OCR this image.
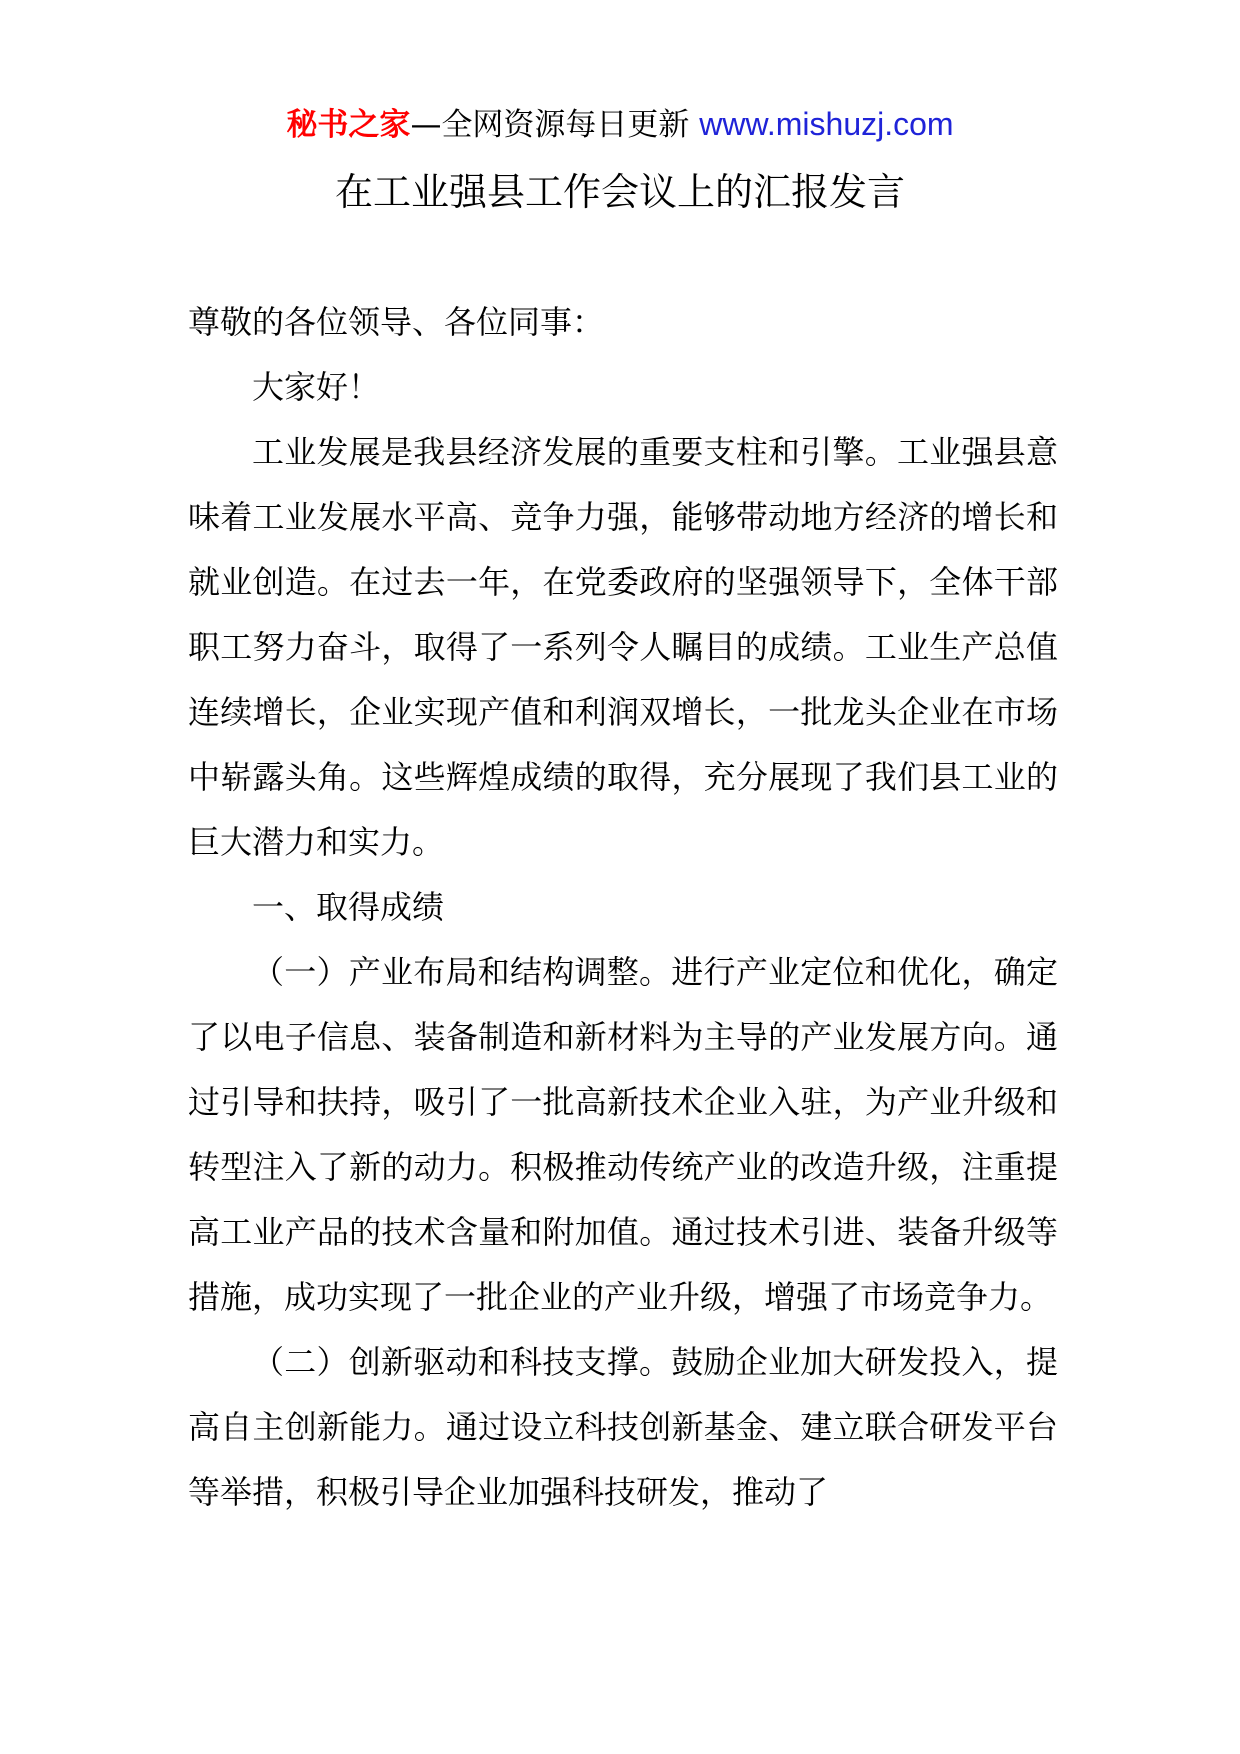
秘书之家—全网资源每日更新 www.mishuzj.com
在工业强县工作会议上的汇报发言

尊敬的各位领导、各位同事：

大家好！

工业发展是我县经济发展的重要支柱和引擎。工业强县意味着工业发展水平高、竞争力强，能够带动地方经济的增长和就业创造。在过去一年，在党委政府的坚强领导下，全体干部职工努力奋斗，取得了一系列令人瞩目的成绩。工业生产总值连续增长，企业实现产值和利润双增长，一批龙头企业在市场中崭露头角。这些辉煌成绩的取得，充分展现了我们县工业的巨大潜力和实力。

一、取得成绩

（一）产业布局和结构调整。进行产业定位和优化，确定了以电子信息、装备制造和新材料为主导的产业发展方向。通过引导和扶持，吸引了一批高新技术企业入驻，为产业升级和转型注入了新的动力。积极推动传统产业的改造升级，注重提高工业产品的技术含量和附加值。通过技术引进、装备升级等措施，成功实现了一批企业的产业升级，增强了市场竞争力。

（二）创新驱动和科技支撑。鼓励企业加大研发投入，提高自主创新能力。通过设立科技创新基金、建立联合研发平台等举措，积极引导企业加强科技研发，推动了
